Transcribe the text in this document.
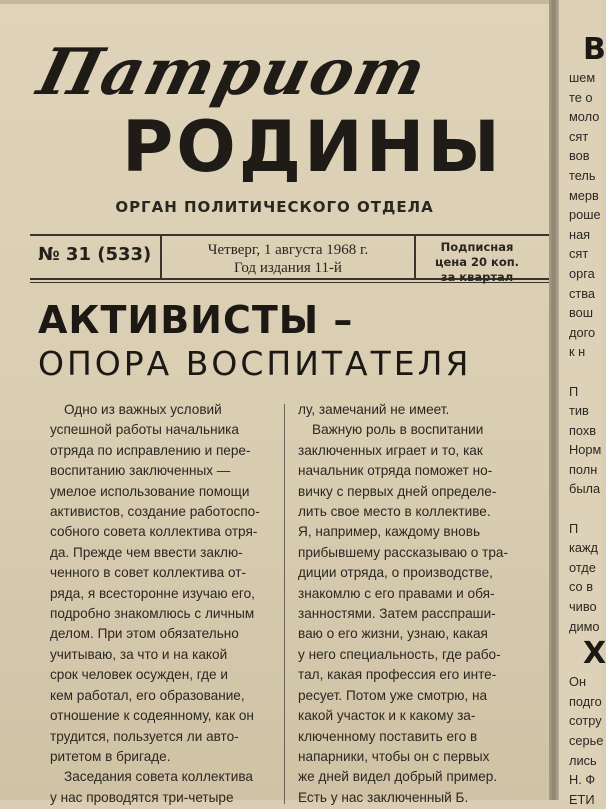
Патриот
РОДИНЫ
ОРГАН ПОЛИТИЧЕСКОГО ОТДЕЛА
№ 31 (533)	Четверг, 1 августа 1968 г.
Год издания 11-й
Подписная
цена 20 коп.
за квартал
АКТИВИСТЫ –
ОПОРА ВОСПИТАТЕЛЯ
Одно из важных условий
успешной работы начальника
отряда по исправлению и пере-
воспитанию заключенных —
умелое использование помощи
активистов, создание работоспо-
собного совета коллектива отря-
да. Прежде чем ввести заклю-
ченного в совет коллектива от-
ряда, я всесторонне изучаю его,
подробно знакомлюсь с личным
делом. При этом обязательно
учитываю, за что и на какой
срок человек осужден, где и
кем работал, его образование,
отношение к содеянному, как он
трудится, пользуется ли авто-
ритетом в бригаде.
Заседания совета коллектива
у нас проводятся три-четыре
лу, замечаний не имеет.
Важную роль в воспитании
заключенных играет и то, как
начальник отряда поможет но-
вичку с первых дней определе-
лить свое место в коллективе.
Я, например, каждому вновь
прибывшему рассказываю о тра-
диции отряда, о производстве,
знакомлю с его правами и обя-
занностями. Затем расспраши-
ваю о его жизни, узнаю, какая
у него специальность, где рабо-
тал, какая профессия его инте-
ресует. Потом уже смотрю, на
какой участок и к какому за-
ключенному поставить его в
напарники, чтобы он с первых
же дней видел добрый пример.
Есть у нас заключенный Б.
В
шем
те о
моло
сят
вов
тель
мерв
роше
ная
сят
орга
ства
вош
дого
к н

П
тив
похв
Норм
полн
была

П
кажд
отде
со в
чиво
димо
Х
Он
подго
сотру
серье
лись
Н. Ф
ЕТИ
